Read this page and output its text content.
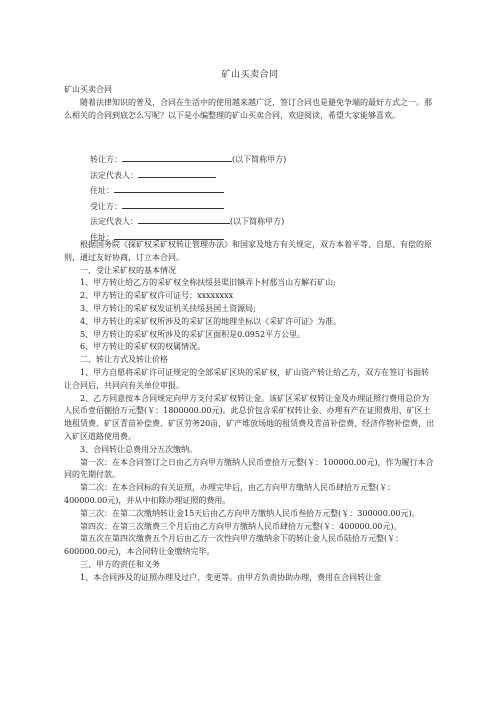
矿山买卖合同
矿山买卖合同
随着法律知识的普及，合同在生活中的使用越来越广泛，签订合同也是避免争端的最好方式之一。那么相关的合同到底怎么写呢？以下是小编整理的矿山买卖合同，欢迎阅读，希望大家能够喜欢。
转让方：	(以下简称甲方)
法定代表人：
住址：
受让方：
法定代表人：	(以下简称甲方)
住址：

根据国务院《探矿权采矿权转让管理办法》和国家及地方有关规定，双方本着平等、自愿、有偿的原则，通过友好协商，订立本合同。

一、受让采矿权的基本情况

1、甲方转让给乙方的采矿权全称扶绥县渠旧镇弄卜村那当山方解石矿山;

2、甲方转让的采矿权许可证号：xxxxxxxx

3、甲方转让的采矿权发证机关扶绥县国土资源局;

4、甲方转让的采矿权所涉及的采矿区的地理坐标以《采矿许可证》为准。

5、甲方转让的采矿权所涉及的采矿区面积是0.0952平方公里。

6、甲方转让的采矿权的权属情况。

二、转让方式及转让价格

1、甲方自愿将采矿许可证规定的全部采矿区块的采矿权，矿山资产转让给乙方，双方在签订书面转让合同后，共同向有关单位审报。

2、乙方同意按本合同规定向甲方支付采矿权转让金。该矿区采矿权转让金及办理证照行费用总价为人民币壹佰捌拾万元整(￥：1800000.00元)。此总价包含采矿权转让金、办理有产在证照费用、矿区土地租赁费、矿区青苗补偿费、矿区劳务20亩，矿产堆放场地的租赁费及青苗补偿费、经济作物补偿费，出入矿区道路使用费。

3、合同转让总费用分五次缴纳。

第一次：在本合同签订之日由乙方向甲方缴纳人民币壹拾万元整(￥：100000.00元)，作为履行本合同的先期付款。

第二次：在本合同标的有关证照，办理完毕后，由乙方向甲方缴纳人民币肆拾万元整(￥：400000.00元)，并从中扣除办理证照的费用。

第三次：在第二次缴纳转让金15天后由乙方向甲方缴纳人民币叁拾万元整(￥：300000.00元)。

第四次：在第三次缴费三个月后由乙方向甲方缴纳人民币肆拾万元整(￥：400000.00元)。

第五次在第四次缴费五个月后由乙方一次性向甲方缴纳余下的转让金人民币陆拾万元整(￥：600000.00元)，本合同转让金缴纳完毕。

三、甲方的责任和义务

1、本合同涉及的证照办理及过户、变更等。由甲方负责协助办理，费用在合同转让金
